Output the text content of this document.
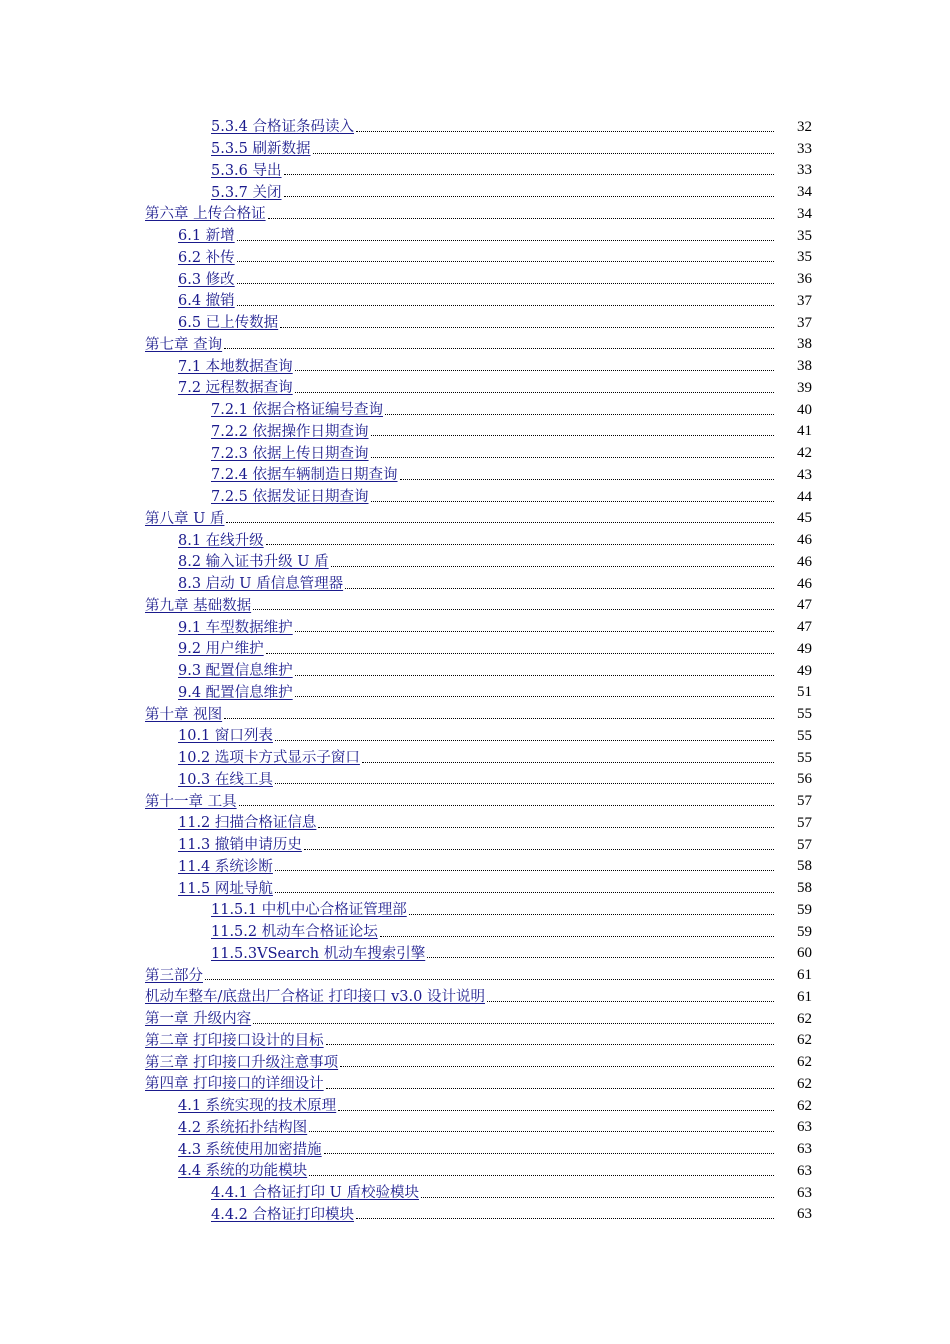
5.3.4 合格证条码读入	32
5.3.5 刷新数据	33
5.3.6 导出	33
5.3.7 关闭	34
第六章 上传合格证	34
6.1 新增	35
6.2 补传	35
6.3 修改	36
6.4 撤销	37
6.5 已上传数据	37
第七章 查询	38
7.1 本地数据查询	38
7.2 远程数据查询	39
7.2.1 依据合格证编号查询	40
7.2.2 依据操作日期查询	41
7.2.3 依据上传日期查询	42
7.2.4 依据车辆制造日期查询	43
7.2.5 依据发证日期查询	44
第八章 U 盾	45
8.1 在线升级	46
8.2 输入证书升级 U 盾	46
8.3 启动 U 盾信息管理器	46
第九章 基础数据	47
9.1 车型数据维护	47
9.2 用户维护	49
9.3 配置信息维护	49
9.4 配置信息维护	51
第十章 视图	55
10.1 窗口列表	55
10.2 选项卡方式显示子窗口	55
10.3 在线工具	56
第十一章 工具	57
11.2 扫描合格证信息	57
11.3 撤销申请历史	57
11.4 系统诊断	58
11.5 网址导航	58
11.5.1 中机中心合格证管理部	59
11.5.2 机动车合格证论坛	59
11.5.3VSearch 机动车搜索引擎	60
第三部分	61
机动车整车/底盘出厂合格证 打印接口 v3.0 设计说明	61
第一章 升级内容	62
第二章 打印接口设计的目标	62
第三章 打印接口升级注意事项	62
第四章 打印接口的详细设计	62
4.1 系统实现的技术原理	62
4.2 系统拓扑结构图	63
4.3 系统使用加密措施	63
4.4 系统的功能模块	63
4.4.1 合格证打印 U 盾校验模块	63
4.4.2 合格证打印模块	63
